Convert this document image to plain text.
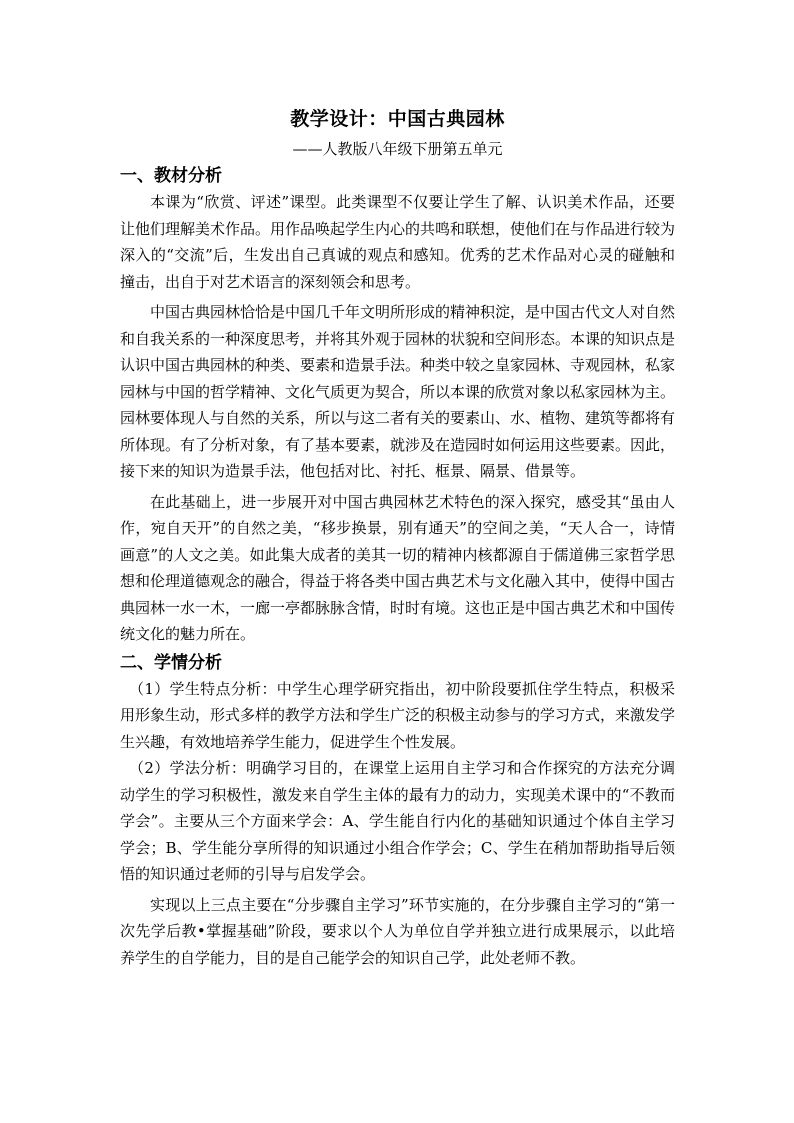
教学设计：中国古典园林
——人教版八年级下册第五单元
一、教材分析

本课为“欣赏、评述”课型。此类课型不仅要让学生了解、认识美术作品，还要让他们理解美术作品。用作品唤起学生内心的共鸣和联想，使他们在与作品进行较为深入的“交流”后，生发出自己真诚的观点和感知。优秀的艺术作品对心灵的碰触和撞击，出自于对艺术语言的深刻领会和思考。

中国古典园林恰恰是中国几千年文明所形成的精神积淀，是中国古代文人对自然和自我关系的一种深度思考，并将其外观于园林的状貌和空间形态。本课的知识点是认识中国古典园林的种类、要素和造景手法。种类中较之皇家园林、寺观园林，私家园林与中国的哲学精神、文化气质更为契合，所以本课的欣赏对象以私家园林为主。园林要体现人与自然的关系，所以与这二者有关的要素山、水、植物、建筑等都将有所体现。有了分析对象，有了基本要素，就涉及在造园时如何运用这些要素。因此，接下来的知识为造景手法，他包括对比、衬托、框景、隔景、借景等。

在此基础上，进一步展开对中国古典园林艺术特色的深入探究，感受其“虽由人作，宛自天开”的自然之美，“移步换景，别有通天”的空间之美，“天人合一，诗情画意”的人文之美。如此集大成者的美其一切的精神内核都源自于儒道佛三家哲学思想和伦理道德观念的融合，得益于将各类中国古典艺术与文化融入其中，使得中国古典园林一水一木，一廊一亭都脉脉含情，时时有境。这也正是中国古典艺术和中国传统文化的魅力所在。

二、学情分析

（1）学生特点分析：中学生心理学研究指出，初中阶段要抓住学生特点，积极采用形象生动，形式多样的教学方法和学生广泛的积极主动参与的学习方式，来激发学生兴趣，有效地培养学生能力，促进学生个性发展。

（2）学法分析：明确学习目的，在课堂上运用自主学习和合作探究的方法充分调动学生的学习积极性，激发来自学生主体的最有力的动力，实现美术课中的“不教而学会”。主要从三个方面来学会：A、学生能自行内化的基础知识通过个体自主学习学会；B、学生能分享所得的知识通过小组合作学会；C、学生在稍加帮助指导后领悟的知识通过老师的引导与启发学会。

实现以上三点主要在“分步骤自主学习”环节实施的，在分步骤自主学习的“第一次先学后教•掌握基础”阶段，要求以个人为单位自学并独立进行成果展示，以此培养学生的自学能力，目的是自己能学会的知识自己学，此处老师不教。
